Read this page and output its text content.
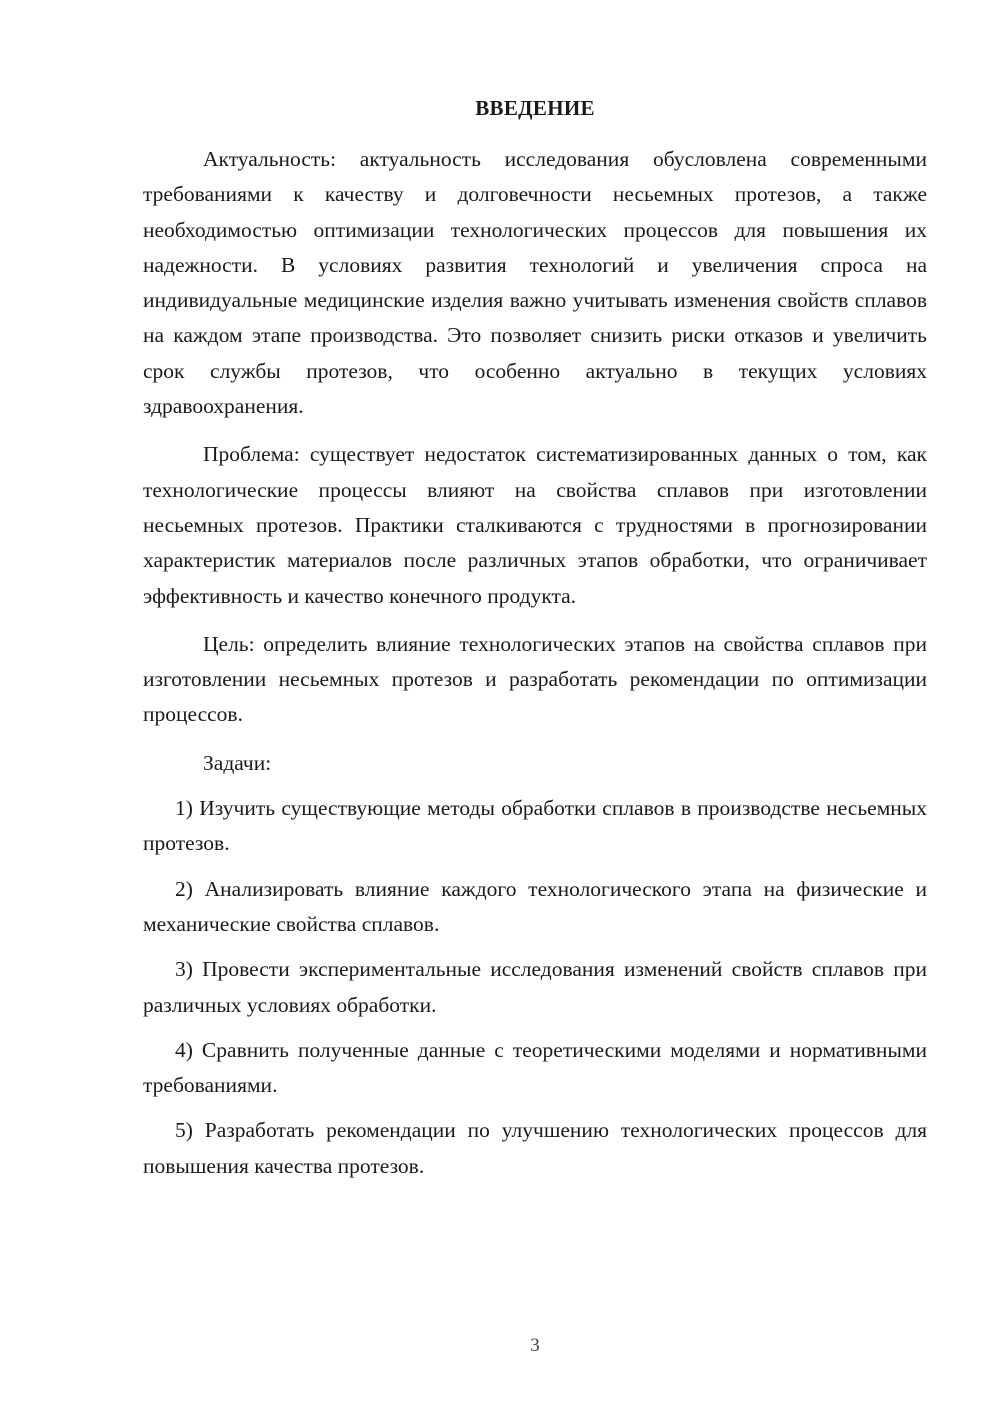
ВВЕДЕНИЕ

Актуальность: актуальность исследования обусловлена современными требованиями к качеству и долговечности несьемных протезов, а также необходимостью оптимизации технологических процессов для повышения их надежности. В условиях развития технологий и увеличения спроса на индивидуальные медицинские изделия важно учитывать изменения свойств сплавов на каждом этапе производства. Это позволяет снизить риски отказов и увеличить срок службы протезов, что особенно актуально в текущих условиях здравоохранения.

Проблема: существует недостаток систематизированных данных о том, как технологические процессы влияют на свойства сплавов при изготовлении несьемных протезов. Практики сталкиваются с трудностями в прогнозировании характеристик материалов после различных этапов обработки, что ограничивает эффективность и качество конечного продукта.

Цель: определить влияние технологических этапов на свойства сплавов при изготовлении несьемных протезов и разработать рекомендации по оптимизации процессов.

Задачи:

1) Изучить существующие методы обработки сплавов в производстве несьемных протезов.

2) Анализировать влияние каждого технологического этапа на физические и механические свойства сплавов.

3) Провести экспериментальные исследования изменений свойств сплавов при различных условиях обработки.

4) Сравнить полученные данные с теоретическими моделями и нормативными требованиями.

5) Разработать рекомендации по улучшению технологических процессов для повышения качества протезов.

3
